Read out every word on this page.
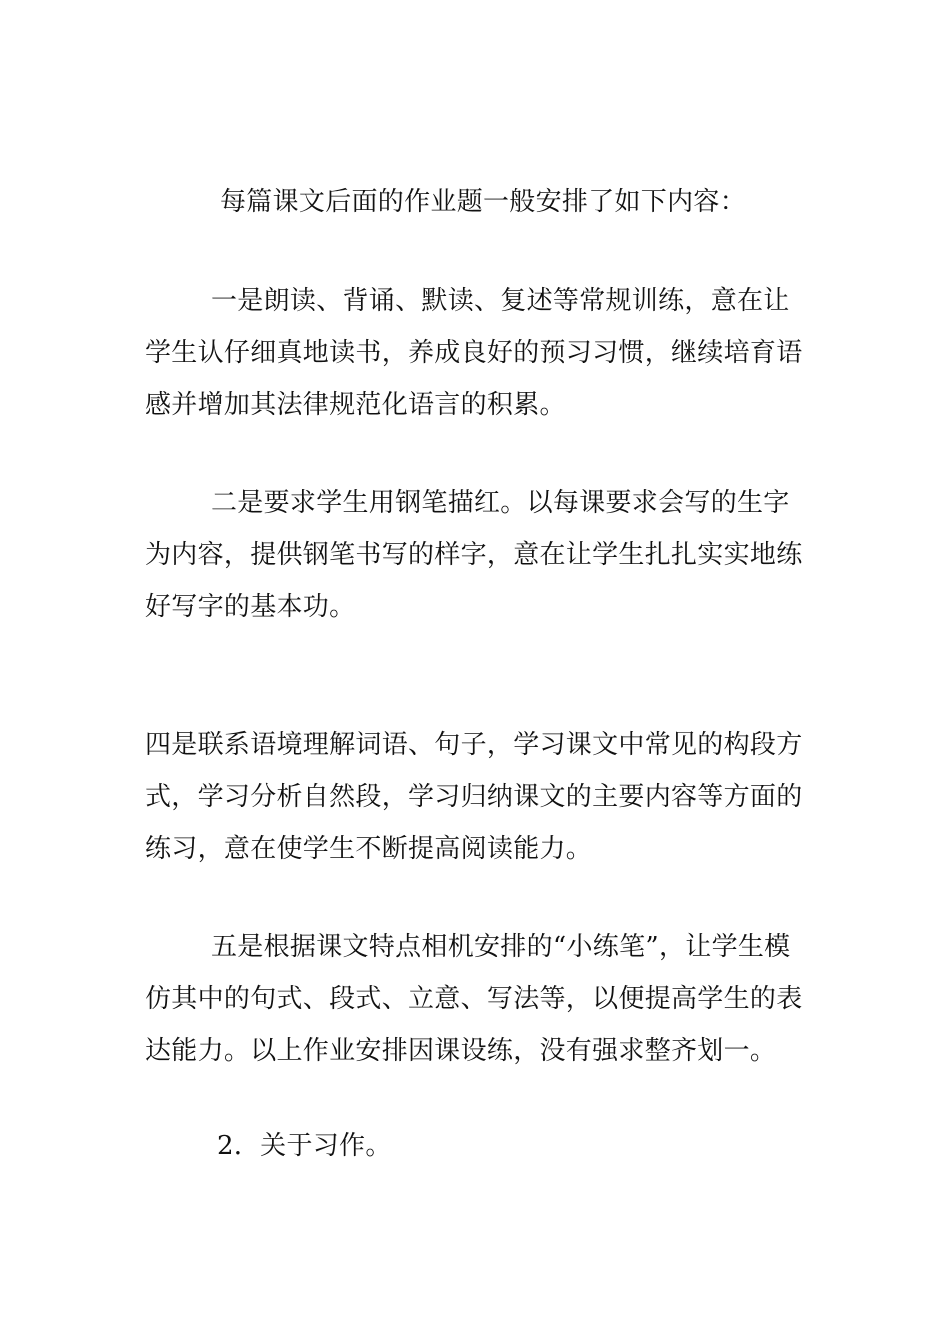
每篇课文后面的作业题一般安排了如下内容：

一是朗读、背诵、默读、复述等常规训练，意在让学生认仔细真地读书，养成良好的预习习惯，继续培育语感并增加其法律规范化语言的积累。

二是要求学生用钢笔描红。以每课要求会写的生字为内容，提供钢笔书写的样字，意在让学生扎扎实实地练好写字的基本功。

四是联系语境理解词语、句子，学习课文中常见的构段方式，学习分析自然段，学习归纳课文的主要内容等方面的练习，意在使学生不断提高阅读能力。

五是根据课文特点相机安排的“小练笔”，让学生模仿其中的句式、段式、立意、写法等，以便提高学生的表达能力。以上作业安排因课设练，没有强求整齐划一。

2．关于习作。
